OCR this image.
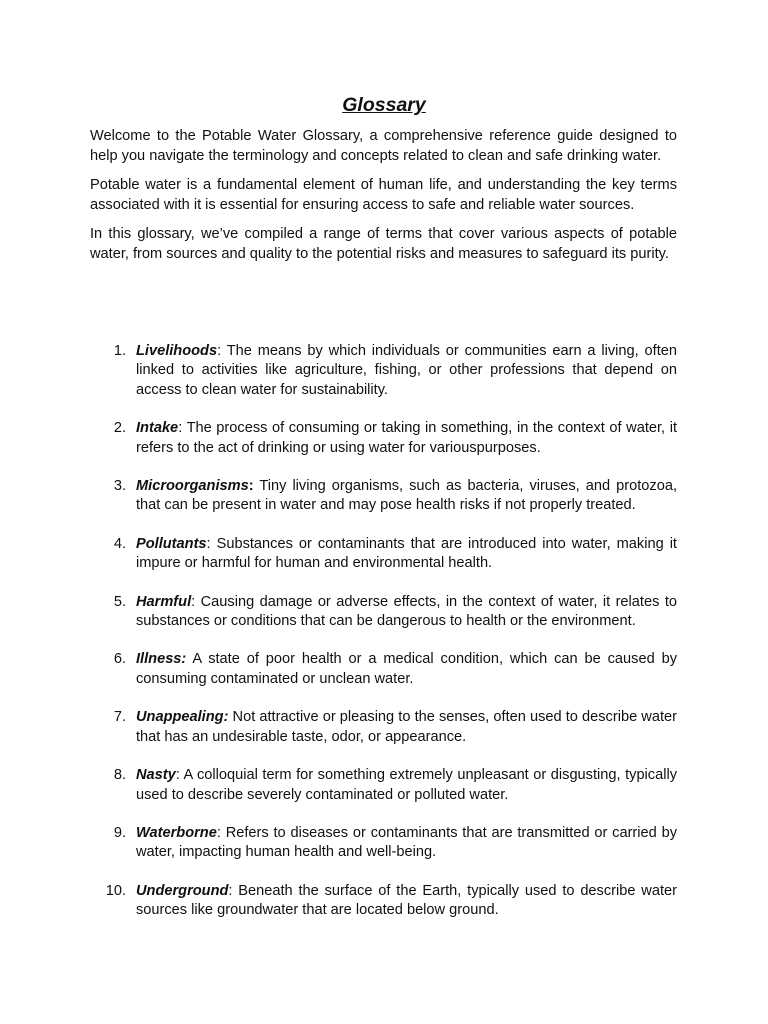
Glossary

Welcome to the Potable Water Glossary, a comprehensive reference guide designed to help you navigate the terminology and concepts related to clean and safe drinking water.

Potable water is a fundamental element of human life, and understanding the key terms associated with it is essential for ensuring access to safe and reliable water sources.

In this glossary, we’ve compiled a range of terms that cover various aspects of potable water, from sources and quality to the potential risks and measures to safeguard its purity.

1. Livelihoods: The means by which individuals or communities earn a living, often linked to activities like agriculture, fishing, or other professions that depend on access to clean water for sustainability.
2. Intake: The process of consuming or taking in something, in the context of water, it refers to the act of drinking or using water for variouspurposes.
3. Microorganisms: Tiny living organisms, such as bacteria, viruses, and protozoa, that can be present in water and may pose health risks if not properly treated.
4. Pollutants: Substances or contaminants that are introduced into water, making it impure or harmful for human and environmental health.
5. Harmful: Causing damage or adverse effects, in the context of water, it relates to substances or conditions that can be dangerous to health or the environment.
6. Illness: A state of poor health or a medical condition, which can be caused by consuming contaminated or unclean water.
7. Unappealing: Not attractive or pleasing to the senses, often used to describe water that has an undesirable taste, odor, or appearance.
8. Nasty: A colloquial term for something extremely unpleasant or disgusting, typically used to describe severely contaminated or polluted water.
9. Waterborne: Refers to diseases or contaminants that are transmitted or carried by water, impacting human health and well-being.
10. Underground: Beneath the surface of the Earth, typically used to describe water sources like groundwater that are located below ground.
